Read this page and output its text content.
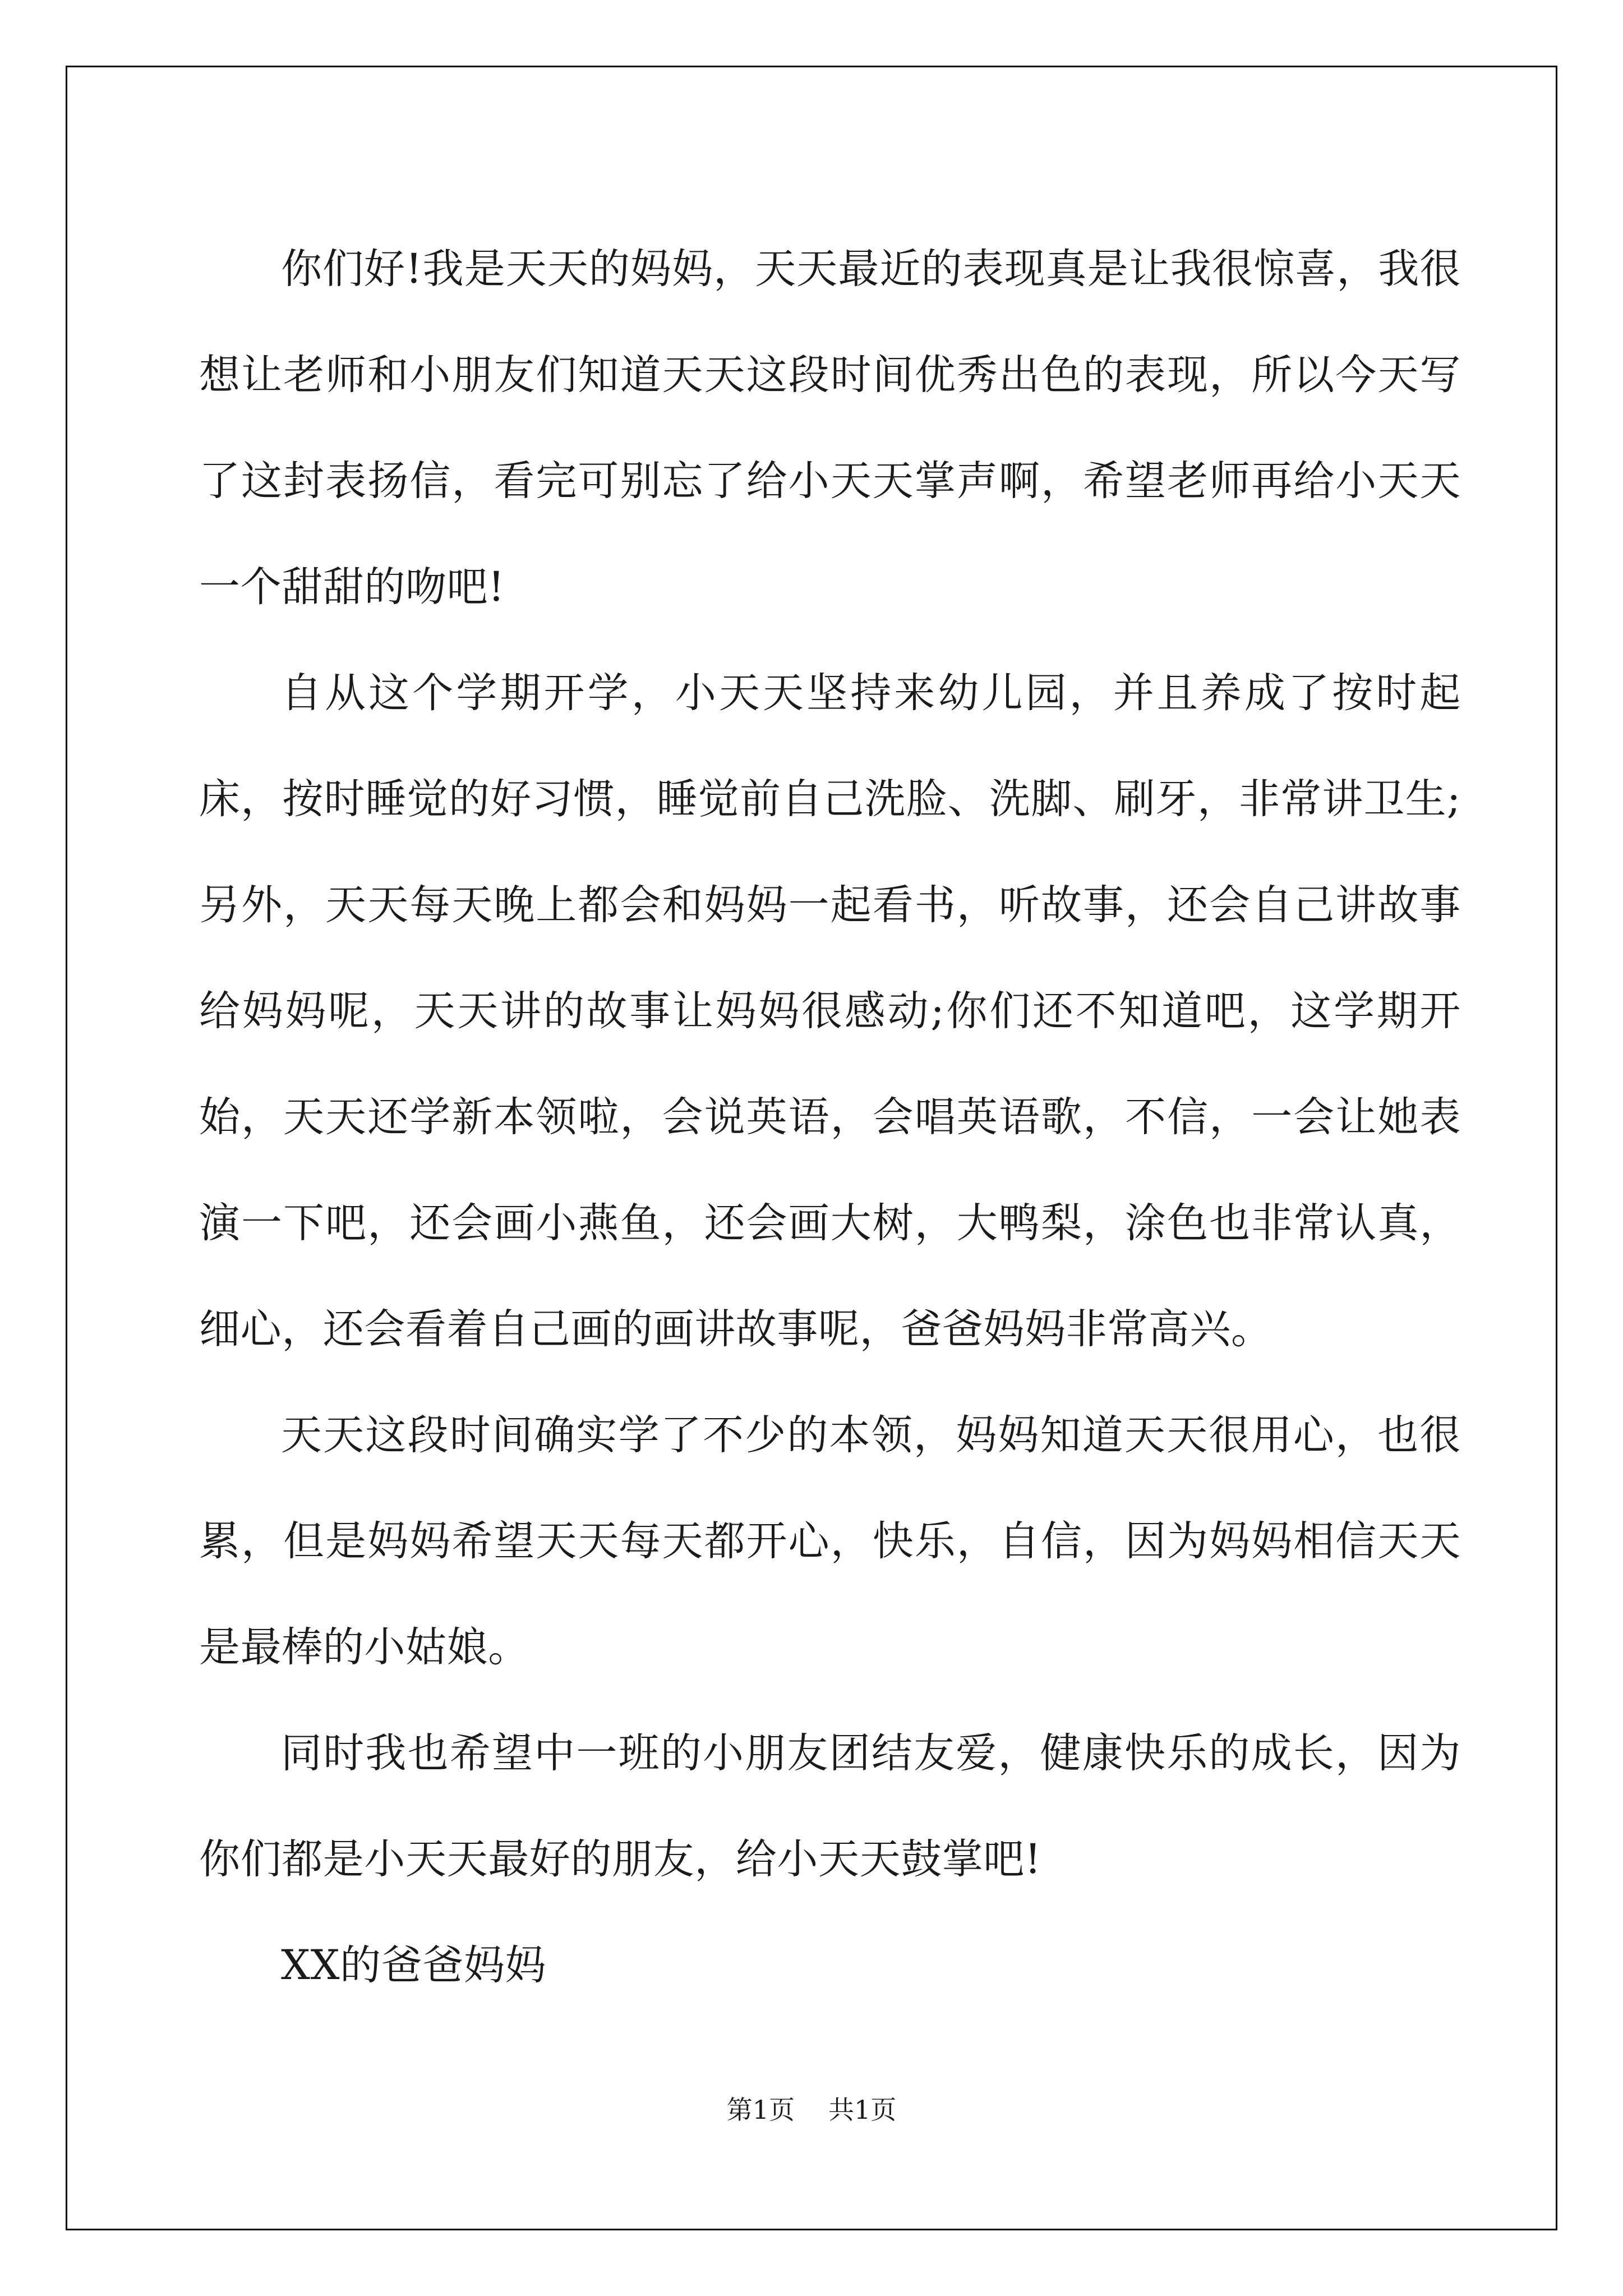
你们好!我是天天的妈妈，天天最近的表现真是让我很惊喜，我很想让老师和小朋友们知道天天这段时间优秀出色的表现，所以今天写了这封表扬信，看完可别忘了给小天天掌声啊，希望老师再给小天天一个甜甜的吻吧!

自从这个学期开学，小天天坚持来幼儿园，并且养成了按时起床，按时睡觉的好习惯，睡觉前自己洗脸、洗脚、刷牙，非常讲卫生;另外，天天每天晚上都会和妈妈一起看书，听故事，还会自己讲故事给妈妈呢，天天讲的故事让妈妈很感动;你们还不知道吧，这学期开始，天天还学新本领啦，会说英语，会唱英语歌，不信，一会让她表演一下吧，还会画小燕鱼，还会画大树，大鸭梨，涂色也非常认真，细心，还会看着自己画的画讲故事呢，爸爸妈妈非常高兴。

天天这段时间确实学了不少的本领，妈妈知道天天很用心，也很累，但是妈妈希望天天每天都开心，快乐，自信，因为妈妈相信天天是最棒的小姑娘。

同时我也希望中一班的小朋友团结友爱，健康快乐的成长，因为你们都是小天天最好的朋友，给小天天鼓掌吧!

XX的爸爸妈妈

第1页 共1页
